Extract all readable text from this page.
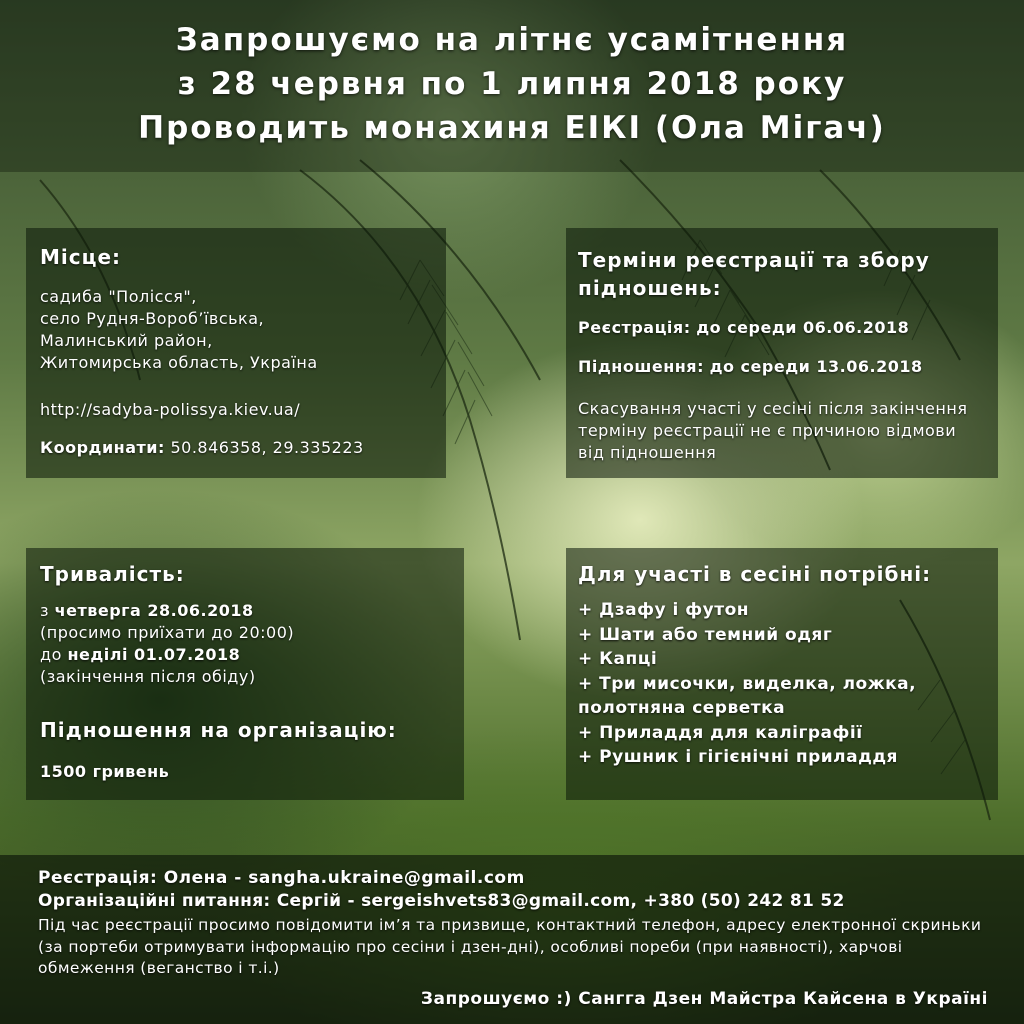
Запрошуємо на літнє усамітнення
з 28 червня по 1 липня 2018 року
Проводить монахиня ЕІКІ (Ола Мігач)
Місце:
садиба "Полісся",
село Рудня-Вороб’ївська,
Малинський район,
Житомирська область, Україна
http://sadyba-polissya.kiev.ua/
Координати: 50.846358, 29.335223
Терміни реєстрації та збору підношень:
Реєстрація: до середи 06.06.2018
Підношення: до середи 13.06.2018
Скасування участі у сесіні після закінчення терміну реєстрації не є причиною відмови від підношення
Тривалість:
з четверга 28.06.2018
(просимо приїхати до 20:00)
до неділі 01.07.2018
(закінчення після обіду)
Підношення на організацію:
1500 гривень
Для участі в сесіні потрібні:
+ Дзафу і футон
+ Шати або темний одяг
+ Капці
+ Три мисочки, виделка, ложка, полотняна серветка
+ Приладдя для каліграфії
+ Рушник і гігієнічні приладдя
Реєстрація: Олена - sangha.ukraine@gmail.com
Організаційні питання: Сергій - sergeishvets83@gmail.com, +380 (50) 242 81 52
Під час реєстрації просимо повідомити ім’я та призвище, контактний телефон, адресу електронної скриньки (за портеби отримувати інформацію про сесіни і дзен-дні), особливі пореби (при наявності), харчові обмеження (веганство і т.і.)
Запрошуємо :) Сангга Дзен Майстра Кайсена в Україні
